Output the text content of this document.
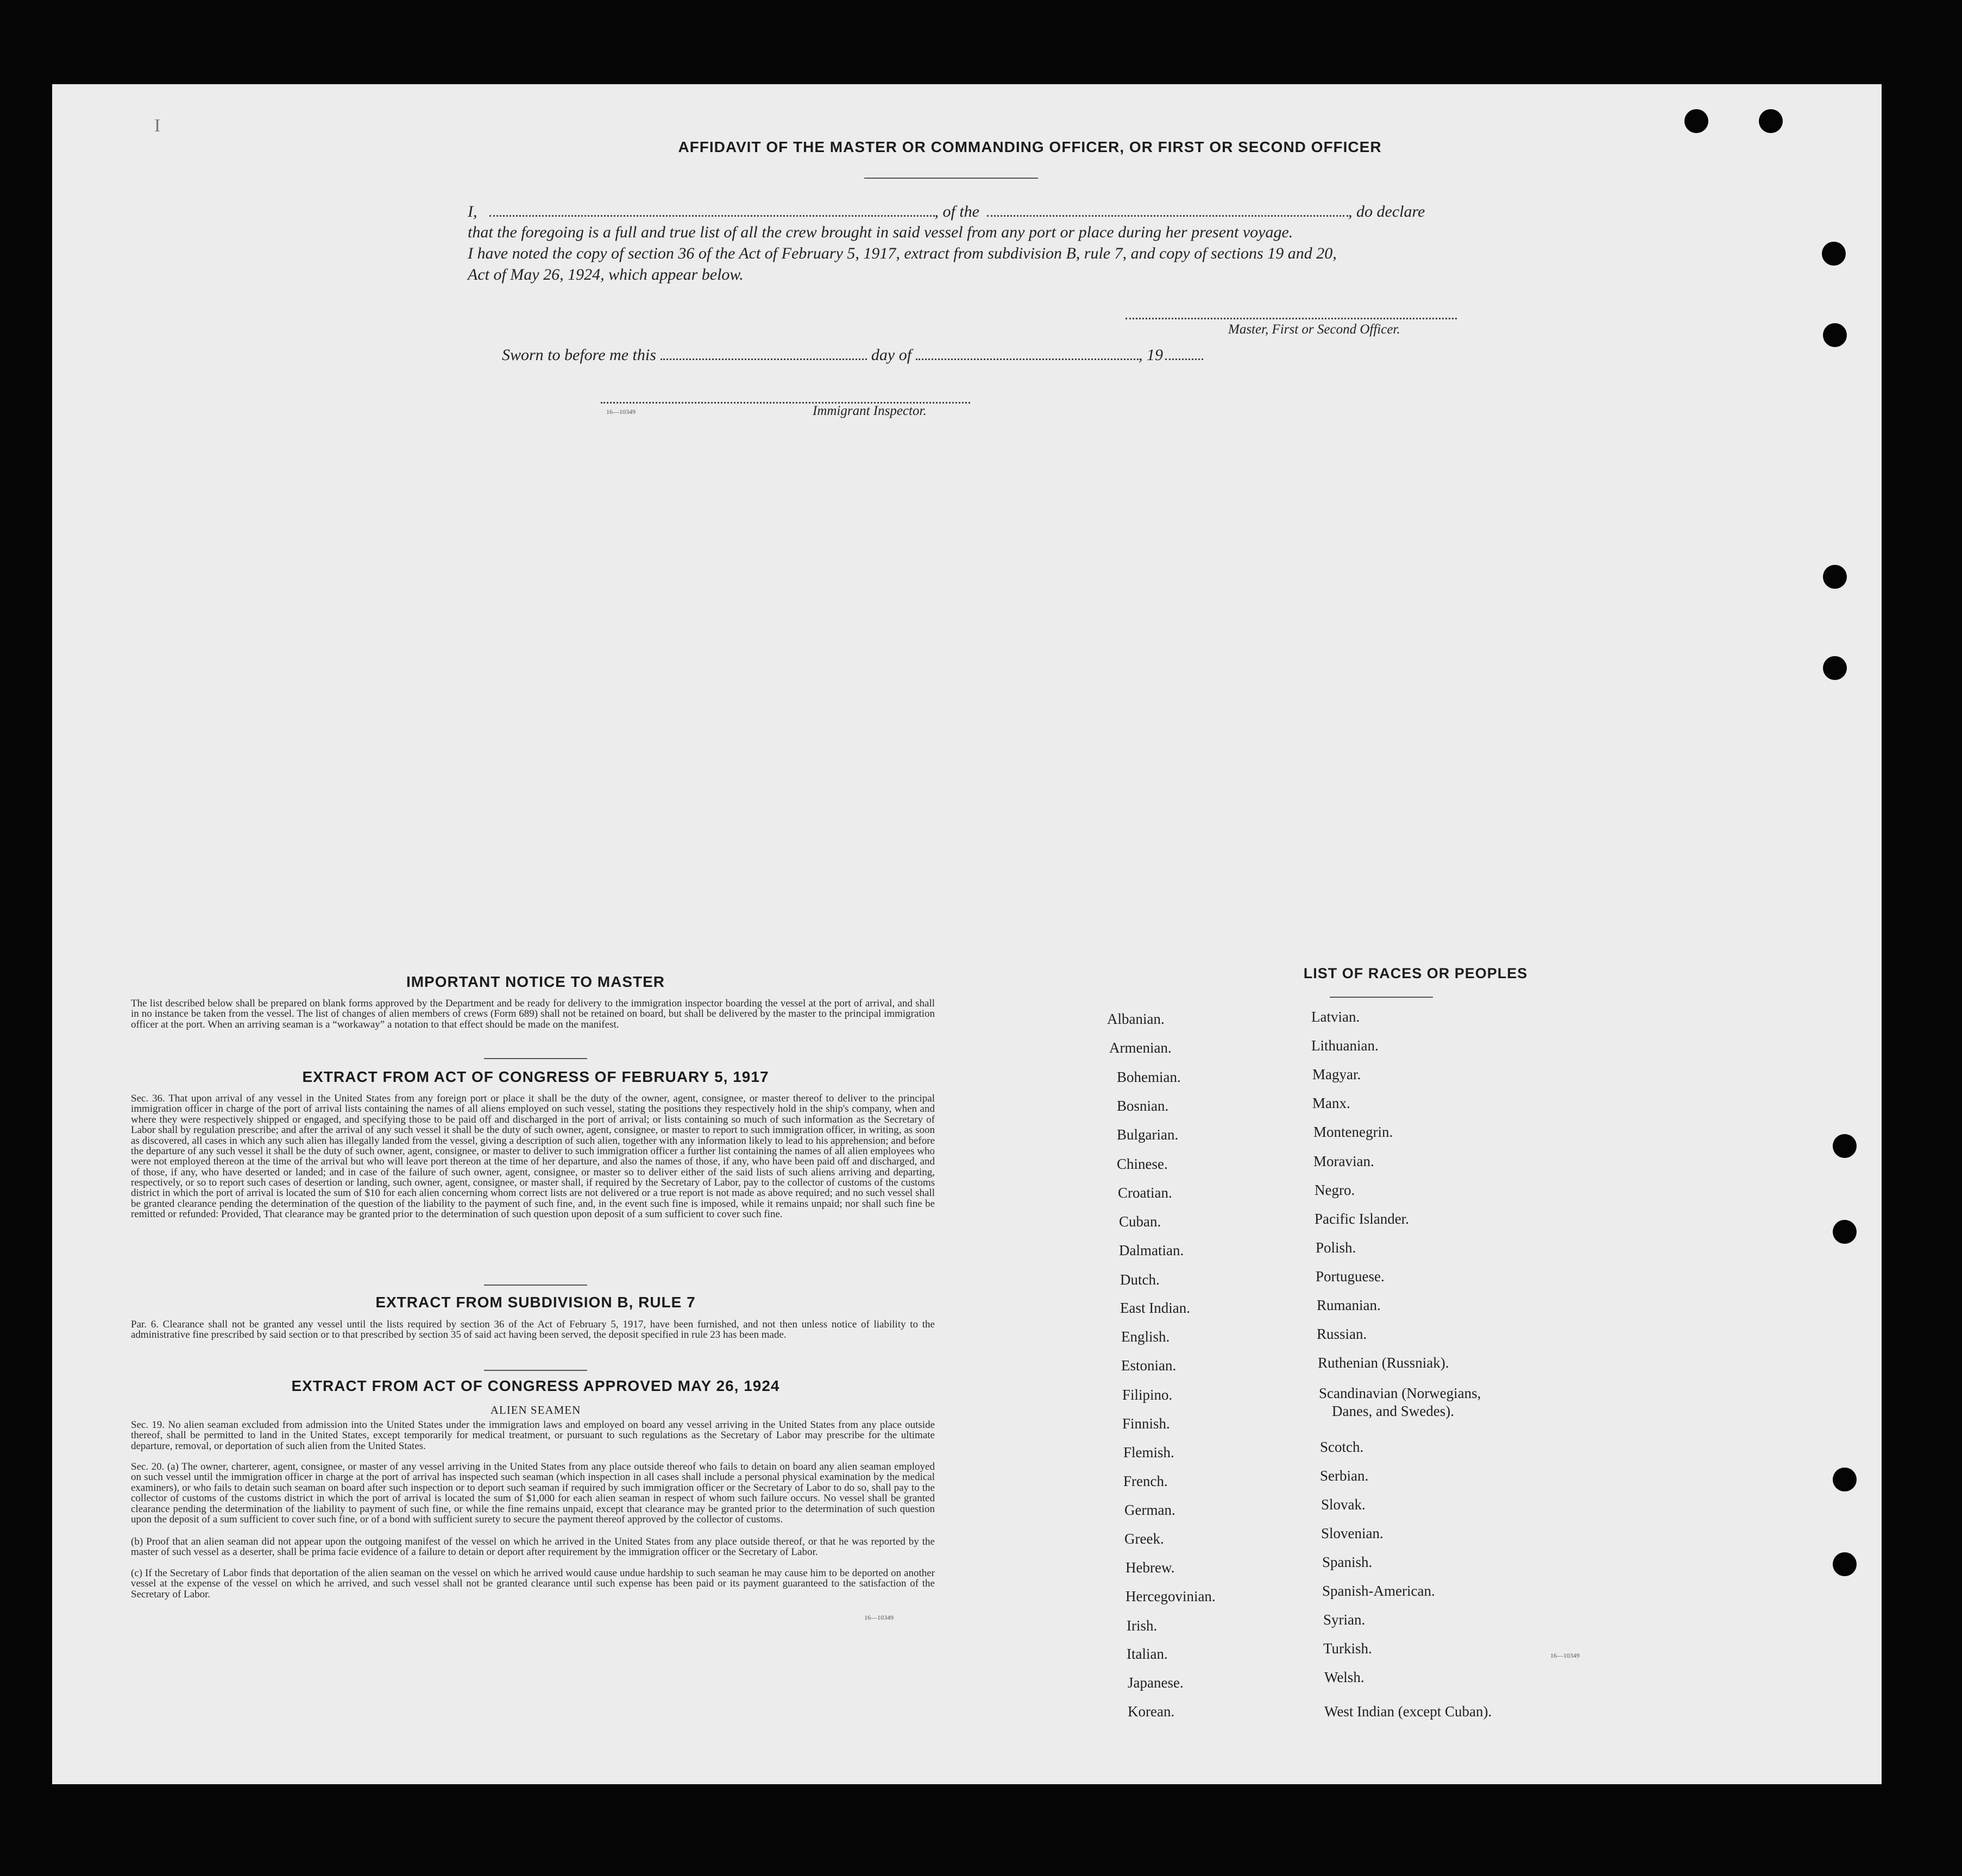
I
AFFIDAVIT OF THE MASTER OR COMMANDING OFFICER, OR FIRST OR SECOND OFFICER
I,	, of the	, do declare
that the foregoing is a full and true list of all the crew brought in said vessel from any port or place during her present voyage.
I have noted the copy of section 36 of the Act of February 5, 1917, extract from subdivision B, rule 7, and copy of sections 19 and 20,
Act of May 26, 1924, which appear below.
Master, First or Second Officer.
Sworn to before me this	day of	, 19
16—10349	Immigrant Inspector.
IMPORTANT NOTICE TO MASTER
The list described below shall be prepared on blank forms approved by the Department and be ready for delivery to the immigration inspector boarding the vessel at the port of arrival, and shall in no instance be taken from the vessel. The list of changes of alien members of crews (Form 689) shall not be retained on board, but shall be delivered by the master to the principal immigration officer at the port. When an arriving seaman is a “workaway” a notation to that effect should be made on the manifest.
EXTRACT FROM ACT OF CONGRESS OF FEBRUARY 5, 1917
Sec. 36. That upon arrival of any vessel in the United States from any foreign port or place it shall be the duty of the owner, agent, consignee, or master thereof to deliver to the principal immigration officer in charge of the port of arrival lists containing the names of all aliens employed on such vessel, stating the positions they respectively hold in the ship's company, when and where they were respectively shipped or engaged, and specifying those to be paid off and discharged in the port of arrival; or lists containing so much of such information as the Secretary of Labor shall by regulation prescribe; and after the arrival of any such vessel it shall be the duty of such owner, agent, consignee, or master to report to such immigration officer, in writing, as soon as discovered, all cases in which any such alien has illegally landed from the vessel, giving a description of such alien, together with any information likely to lead to his apprehension; and before the departure of any such vessel it shall be the duty of such owner, agent, consignee, or master to deliver to such immigration officer a further list containing the names of all alien employees who were not employed thereon at the time of the arrival but who will leave port thereon at the time of her departure, and also the names of those, if any, who have been paid off and discharged, and of those, if any, who have deserted or landed; and in case of the failure of such owner, agent, consignee, or master so to deliver either of the said lists of such aliens arriving and departing, respectively, or so to report such cases of desertion or landing, such owner, agent, consignee, or master shall, if required by the Secretary of Labor, pay to the collector of customs of the customs district in which the port of arrival is located the sum of $10 for each alien concerning whom correct lists are not delivered or a true report is not made as above required; and no such vessel shall be granted clearance pending the determination of the question of the liability to the payment of such fine, and, in the event such fine is imposed, while it remains unpaid; nor shall such fine be remitted or refunded: Provided, That clearance may be granted prior to the determination of such question upon deposit of a sum sufficient to cover such fine.
EXTRACT FROM SUBDIVISION B, RULE 7
Par. 6. Clearance shall not be granted any vessel until the lists required by section 36 of the Act of February 5, 1917, have been furnished, and not then unless notice of liability to the administrative fine prescribed by said section or to that prescribed by section 35 of said act having been served, the deposit specified in rule 23 has been made.
EXTRACT FROM ACT OF CONGRESS APPROVED MAY 26, 1924
ALIEN SEAMEN
Sec. 19. No alien seaman excluded from admission into the United States under the immigration laws and employed on board any vessel arriving in the United States from any place outside thereof, shall be permitted to land in the United States, except temporarily for medical treatment, or pursuant to such regulations as the Secretary of Labor may prescribe for the ultimate departure, removal, or deportation of such alien from the United States.
Sec. 20. (a) The owner, charterer, agent, consignee, or master of any vessel arriving in the United States from any place outside thereof who fails to detain on board any alien seaman employed on such vessel until the immigration officer in charge at the port of arrival has inspected such seaman (which inspection in all cases shall include a personal physical examination by the medical examiners), or who fails to detain such seaman on board after such inspection or to deport such seaman if required by such immigration officer or the Secretary of Labor to do so, shall pay to the collector of customs of the customs district in which the port of arrival is located the sum of $1,000 for each alien seaman in respect of whom such failure occurs. No vessel shall be granted clearance pending the determination of the liability to payment of such fine, or while the fine remains unpaid, except that clearance may be granted prior to the determination of such question upon the deposit of a sum sufficient to cover such fine, or of a bond with sufficient surety to secure the payment thereof approved by the collector of customs.
(b) Proof that an alien seaman did not appear upon the outgoing manifest of the vessel on which he arrived in the United States from any place outside thereof, or that he was reported by the master of such vessel as a deserter, shall be prima facie evidence of a failure to detain or deport after requirement by the immigration officer or the Secretary of Labor.
(c) If the Secretary of Labor finds that deportation of the alien seaman on the vessel on which he arrived would cause undue hardship to such seaman he may cause him to be deported on another vessel at the expense of the vessel on which he arrived, and such vessel shall not be granted clearance until such expense has been paid or its payment guaranteed to the satisfaction of the Secretary of Labor.
16—10349
LIST OF RACES OR PEOPLES
Albanian.
Armenian.
Bohemian.
Bosnian.
Bulgarian.
Chinese.
Croatian.
Cuban.
Dalmatian.
Dutch.
East Indian.
English.
Estonian.
Filipino.
Finnish.
Flemish.
French.
German.
Greek.
Hebrew.
Hercegovinian.
Irish.
Italian.
Japanese.
Korean.
Latvian.
Lithuanian.
Magyar.
Manx.
Montenegrin.
Moravian.
Negro.
Pacific Islander.
Polish.
Portuguese.
Rumanian.
Russian.
Ruthenian (Russniak).
Scandinavian (Norwegians,
Danes, and Swedes).
Scotch.
Serbian.
Slovak.
Slovenian.
Spanish.
Spanish-American.
Syrian.
Turkish.
Welsh.
West Indian (except Cuban).
16—10349
